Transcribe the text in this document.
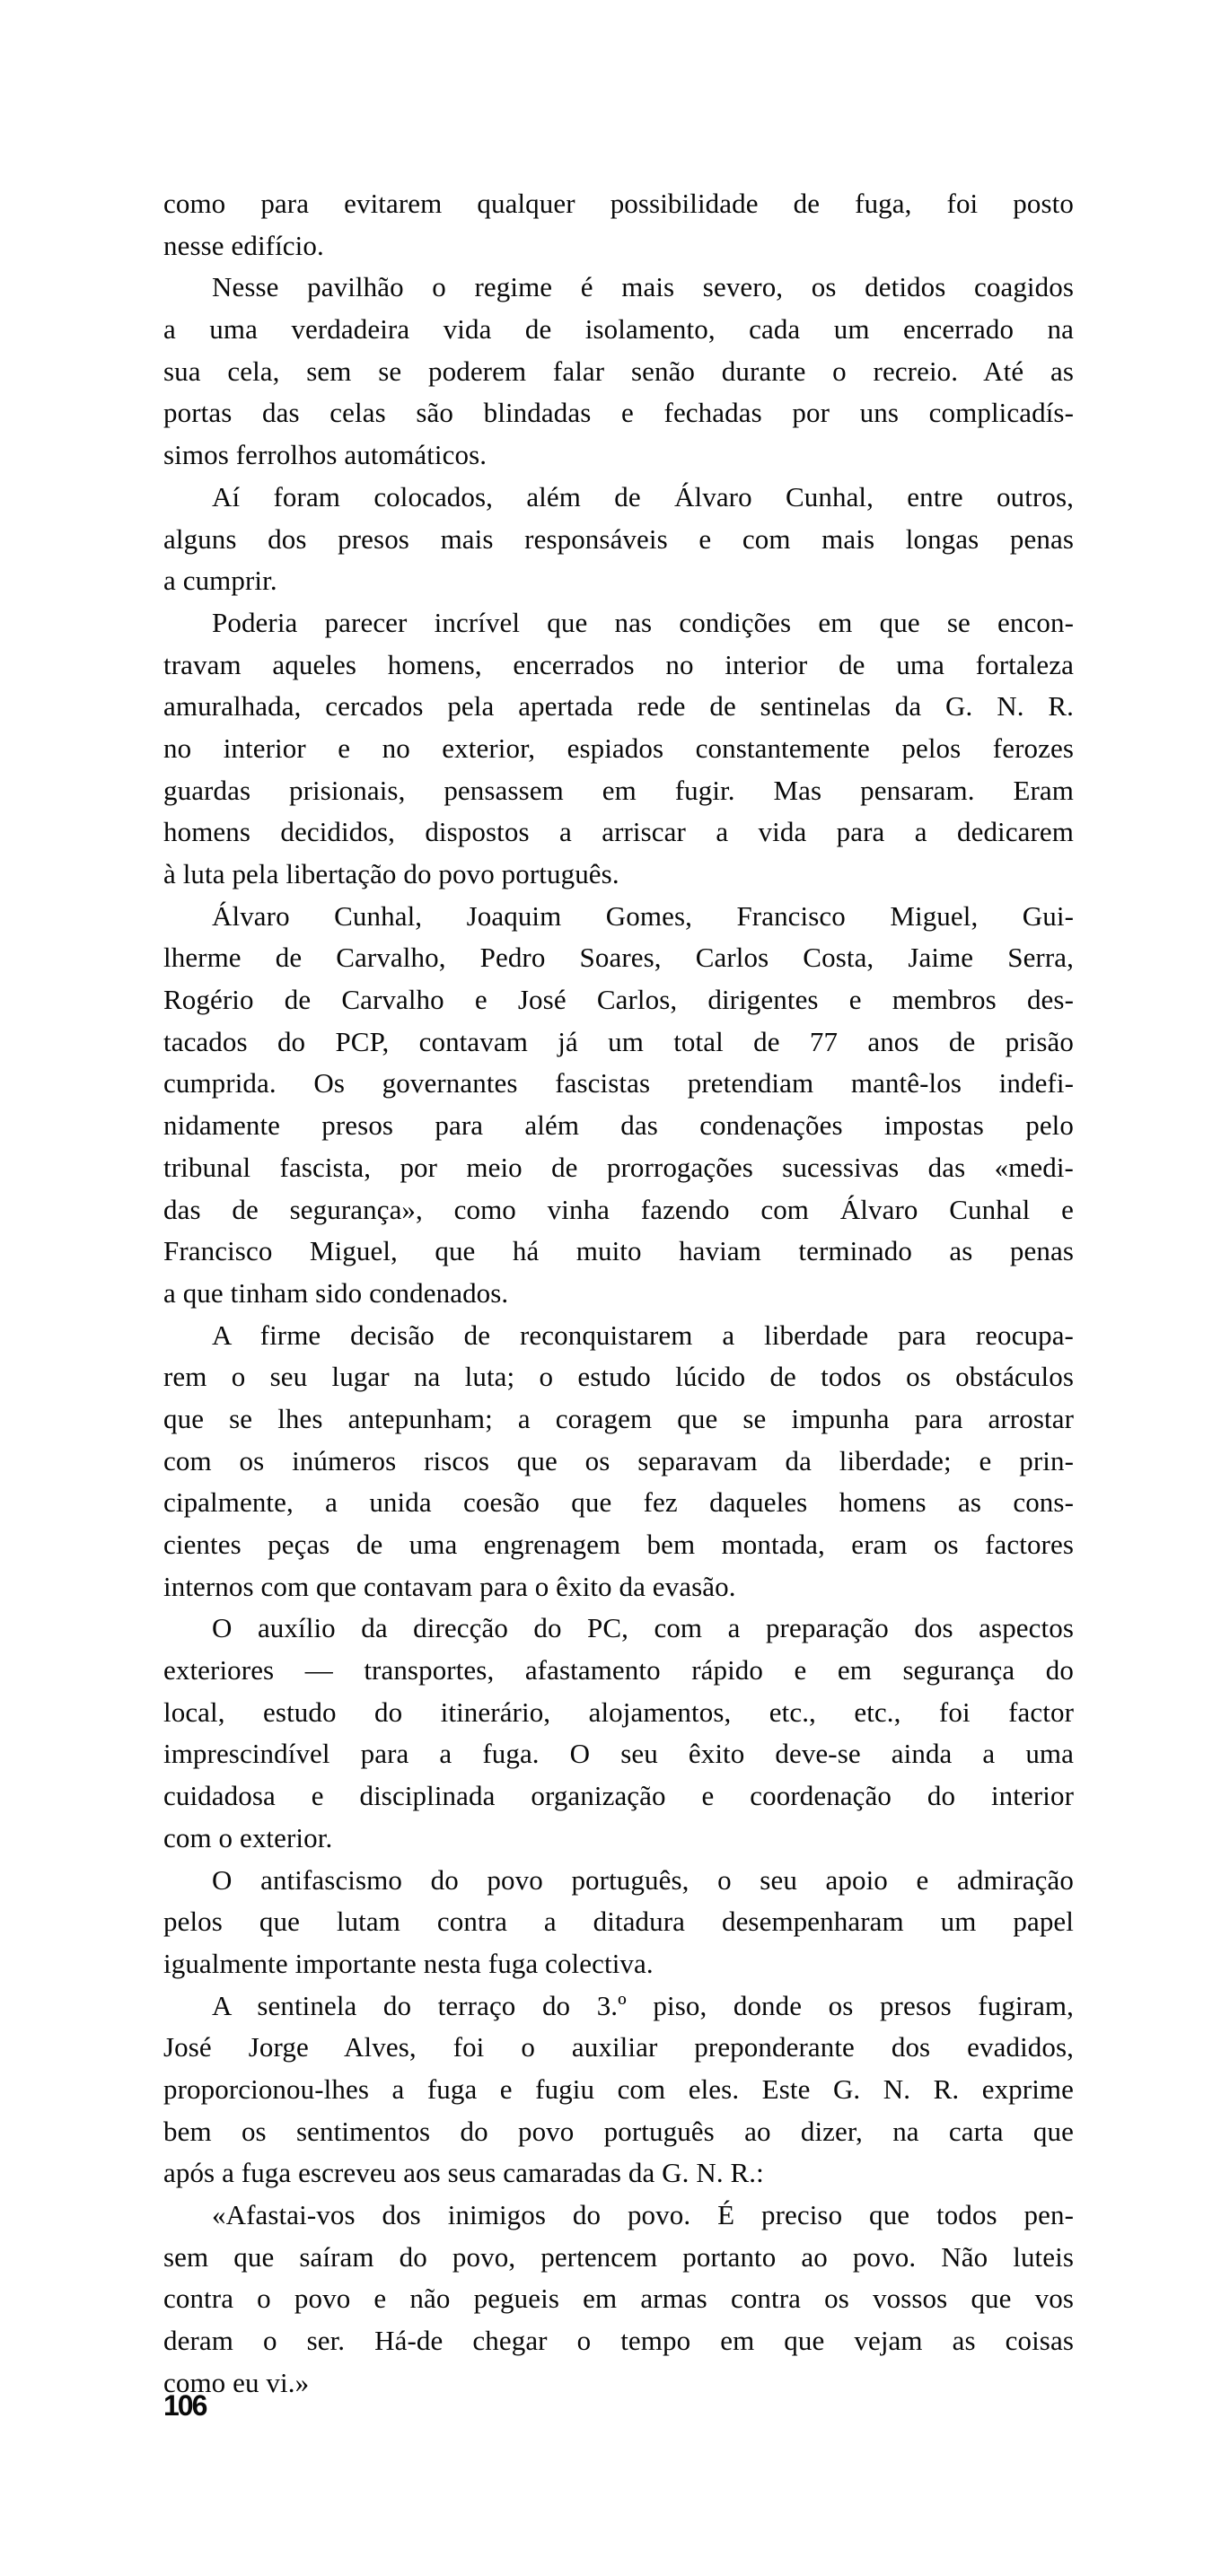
como para evitarem qualquer possibilidade de fuga, foi posto
nesse edifício.
Nesse pavilhão o regime é mais severo, os detidos coagidos
a uma verdadeira vida de isolamento, cada um encerrado na
sua cela, sem se poderem falar senão durante o recreio. Até as
portas das celas são blindadas e fechadas por uns complicadís-
simos ferrolhos automáticos.
Aí foram colocados, além de Álvaro Cunhal, entre outros,
alguns dos presos mais responsáveis e com mais longas penas
a cumprir.
Poderia parecer incrível que nas condições em que se encon-
travam aqueles homens, encerrados no interior de uma fortaleza
amuralhada, cercados pela apertada rede de sentinelas da G. N. R.
no interior e no exterior, espiados constantemente pelos ferozes
guardas prisionais, pensassem em fugir. Mas pensaram. Eram
homens decididos, dispostos a arriscar a vida para a dedicarem
à luta pela libertação do povo português.
Álvaro Cunhal, Joaquim Gomes, Francisco Miguel, Gui-
lherme de Carvalho, Pedro Soares, Carlos Costa, Jaime Serra,
Rogério de Carvalho e José Carlos, dirigentes e membros des-
tacados do PCP, contavam já um total de 77 anos de prisão
cumprida. Os governantes fascistas pretendiam mantê-los indefi-
nidamente presos para além das condenações impostas pelo
tribunal fascista, por meio de prorrogações sucessivas das «medi-
das de segurança», como vinha fazendo com Álvaro Cunhal e
Francisco Miguel, que há muito haviam terminado as penas
a que tinham sido condenados.
A firme decisão de reconquistarem a liberdade para reocupa-
rem o seu lugar na luta; o estudo lúcido de todos os obstáculos
que se lhes antepunham; a coragem que se impunha para arrostar
com os inúmeros riscos que os separavam da liberdade; e prin-
cipalmente, a unida coesão que fez daqueles homens as cons-
cientes peças de uma engrenagem bem montada, eram os factores
internos com que contavam para o êxito da evasão.
O auxílio da direcção do PC, com a preparação dos aspectos
exteriores — transportes, afastamento rápido e em segurança do
local, estudo do itinerário, alojamentos, etc., etc., foi factor
imprescindível para a fuga. O seu êxito deve-se ainda a uma
cuidadosa e disciplinada organização e coordenação do interior
com o exterior.
O antifascismo do povo português, o seu apoio e admiração
pelos que lutam contra a ditadura desempenharam um papel
igualmente importante nesta fuga colectiva.
A sentinela do terraço do 3.º piso, donde os presos fugiram,
José Jorge Alves, foi o auxiliar preponderante dos evadidos,
proporcionou-lhes a fuga e fugiu com eles. Este G. N. R. exprime
bem os sentimentos do povo português ao dizer, na carta que
após a fuga escreveu aos seus camaradas da G. N. R.:
«Afastai-vos dos inimigos do povo. É preciso que todos pen-
sem que saíram do povo, pertencem portanto ao povo. Não luteis
contra o povo e não pegueis em armas contra os vossos que vos
deram o ser. Há-de chegar o tempo em que vejam as coisas
como eu vi.»
106
